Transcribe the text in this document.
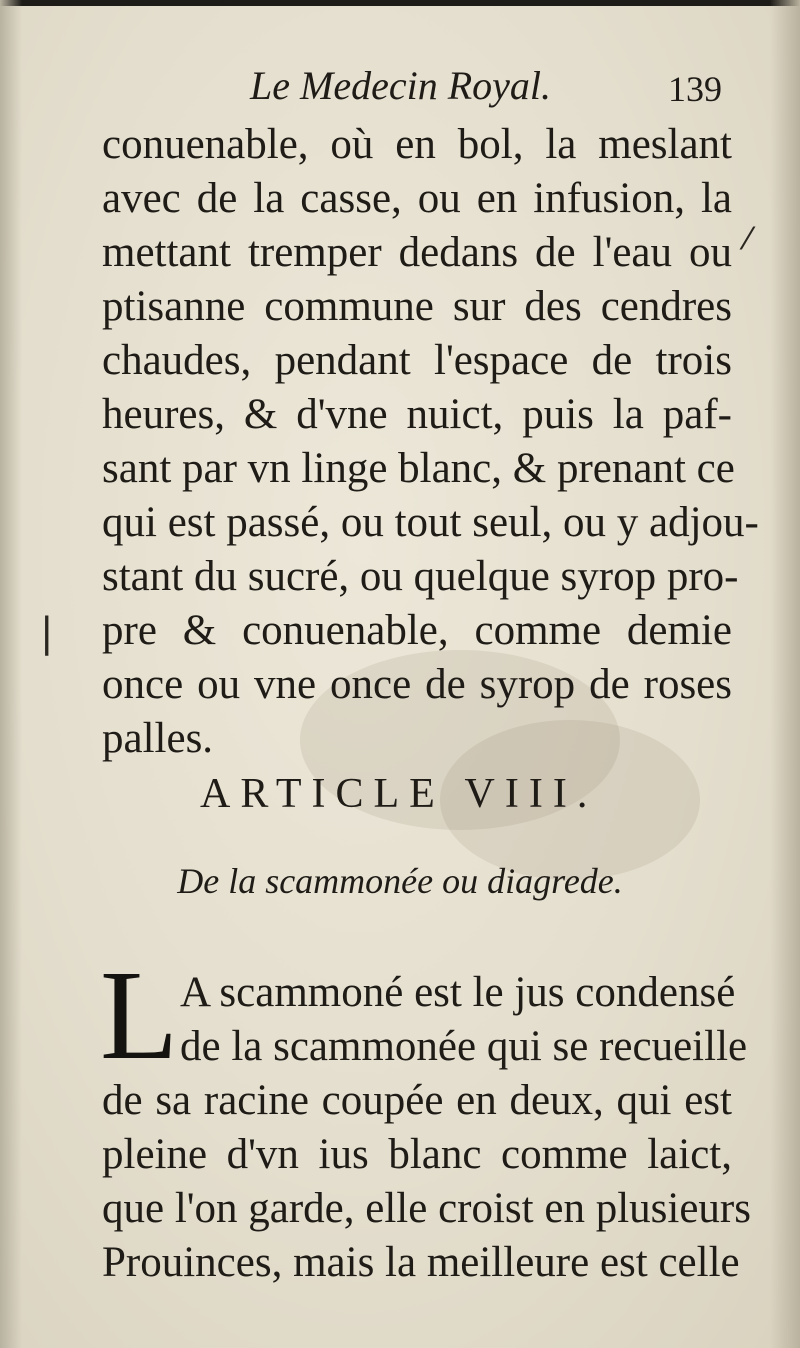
Le Medecin Royal.	139
conuenable, où en bol, la meslant
avec de la casse, ou en infusion, la
mettant tremper dedans de l'eau ou
ptisanne commune sur des cendres
chaudes, pendant l'espace de trois
heures, & d'vne nuict, puis la paf-
sant par vn linge blanc, & prenant ce
qui est passé, ou tout seul, ou y adjou-
stant du sucré, ou quelque syrop pro-
pre & conuenable, comme demie
once ou vne once de syrop de roses
palles.
ARTICLE VIII.
De la scammonée ou diagrede.
L A scammoné est le jus condensé
de la scammonée qui se recueille
de sa racine coupée en deux, qui est
pleine d'vn ius blanc comme laict,
que l'on garde, elle croist en plusieurs
Prouinces, mais la meilleure est celle
⁄
|
